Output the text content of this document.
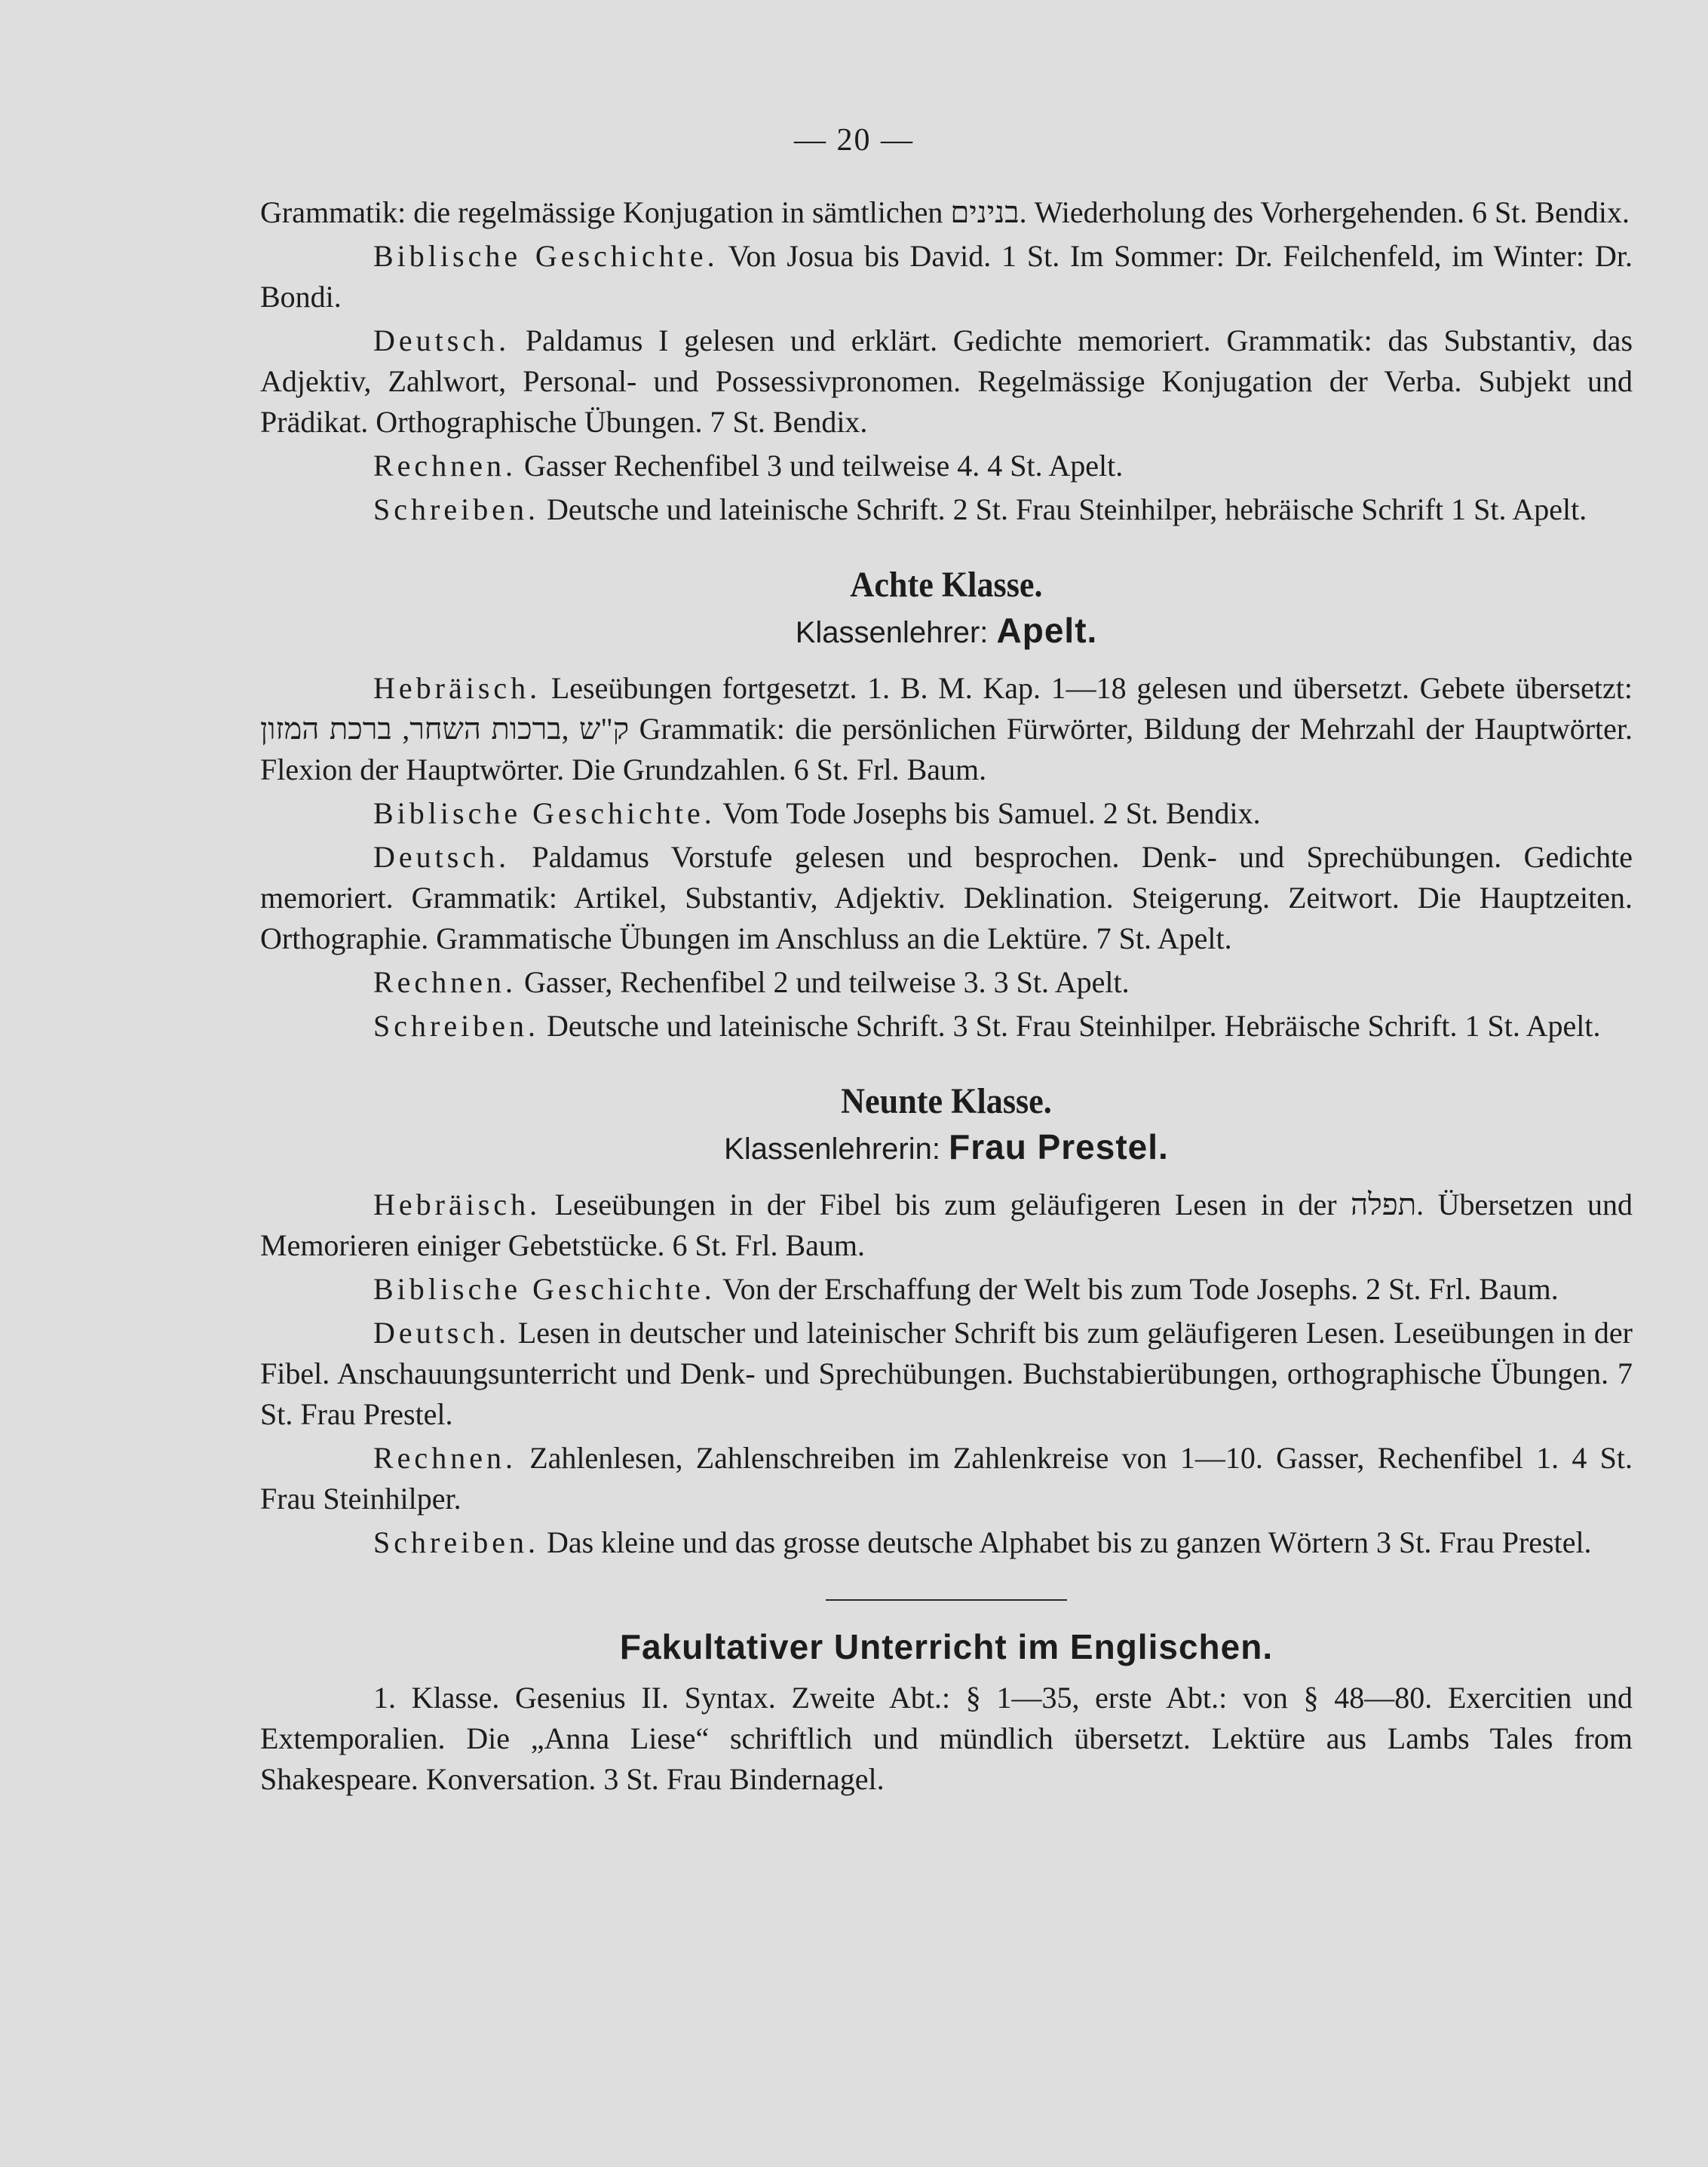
— 20 —

Grammatik: die regelmässige Konjugation in sämtlichen בנינים. Wiederholung des Vorhergehenden. 6 St. Bendix.

Biblische Geschichte. Von Josua bis David. 1 St. Im Sommer: Dr. Feilchenfeld, im Winter: Dr. Bondi.

Deutsch. Paldamus I gelesen und erklärt. Gedichte memoriert. Grammatik: das Substantiv, das Adjektiv, Zahlwort, Personal- und Possessivpronomen. Regelmässige Konjugation der Verba. Subjekt und Prädikat. Orthographische Übungen. 7 St. Bendix.

Rechnen. Gasser Rechenfibel 3 und teilweise 4. 4 St. Apelt.

Schreiben. Deutsche und lateinische Schrift. 2 St. Frau Steinhilper, hebräische Schrift 1 St. Apelt.

Achte Klasse.
Klassenlehrer: Apelt.

Hebräisch. Leseübungen fortgesetzt. 1. B. M. Kap. 1—18 gelesen und übersetzt. Gebete übersetzt: ק"ש ,ברכות השחר, ברכת המזון Grammatik: die persönlichen Fürwörter, Bildung der Mehrzahl der Hauptwörter. Flexion der Hauptwörter. Die Grundzahlen. 6 St. Frl. Baum.

Biblische Geschichte. Vom Tode Josephs bis Samuel. 2 St. Bendix.

Deutsch. Paldamus Vorstufe gelesen und besprochen. Denk- und Sprechübungen. Gedichte memoriert. Grammatik: Artikel, Substantiv, Adjektiv. Deklination. Steigerung. Zeitwort. Die Hauptzeiten. Orthographie. Grammatische Übungen im Anschluss an die Lektüre. 7 St. Apelt.

Rechnen. Gasser, Rechenfibel 2 und teilweise 3. 3 St. Apelt.

Schreiben. Deutsche und lateinische Schrift. 3 St. Frau Steinhilper. Hebräische Schrift. 1 St. Apelt.

Neunte Klasse.
Klassenlehrerin: Frau Prestel.

Hebräisch. Leseübungen in der Fibel bis zum geläufigeren Lesen in der תפלה. Übersetzen und Memorieren einiger Gebetstücke. 6 St. Frl. Baum.

Biblische Geschichte. Von der Erschaffung der Welt bis zum Tode Josephs. 2 St. Frl. Baum.

Deutsch. Lesen in deutscher und lateinischer Schrift bis zum geläufigeren Lesen. Leseübungen in der Fibel. Anschauungsunterricht und Denk- und Sprechübungen. Buchstabierübungen, orthographische Übungen. 7 St. Frau Prestel.

Rechnen. Zahlenlesen, Zahlenschreiben im Zahlenkreise von 1—10. Gasser, Rechenfibel 1. 4 St. Frau Steinhilper.

Schreiben. Das kleine und das grosse deutsche Alphabet bis zu ganzen Wörtern 3 St. Frau Prestel.

Fakultativer Unterricht im Englischen.

1. Klasse. Gesenius II. Syntax. Zweite Abt.: § 1—35, erste Abt.: von § 48—80. Exercitien und Extemporalien. Die „Anna Liese“ schriftlich und mündlich übersetzt. Lektüre aus Lambs Tales from Shakespeare. Konversation. 3 St. Frau Bindernagel.
